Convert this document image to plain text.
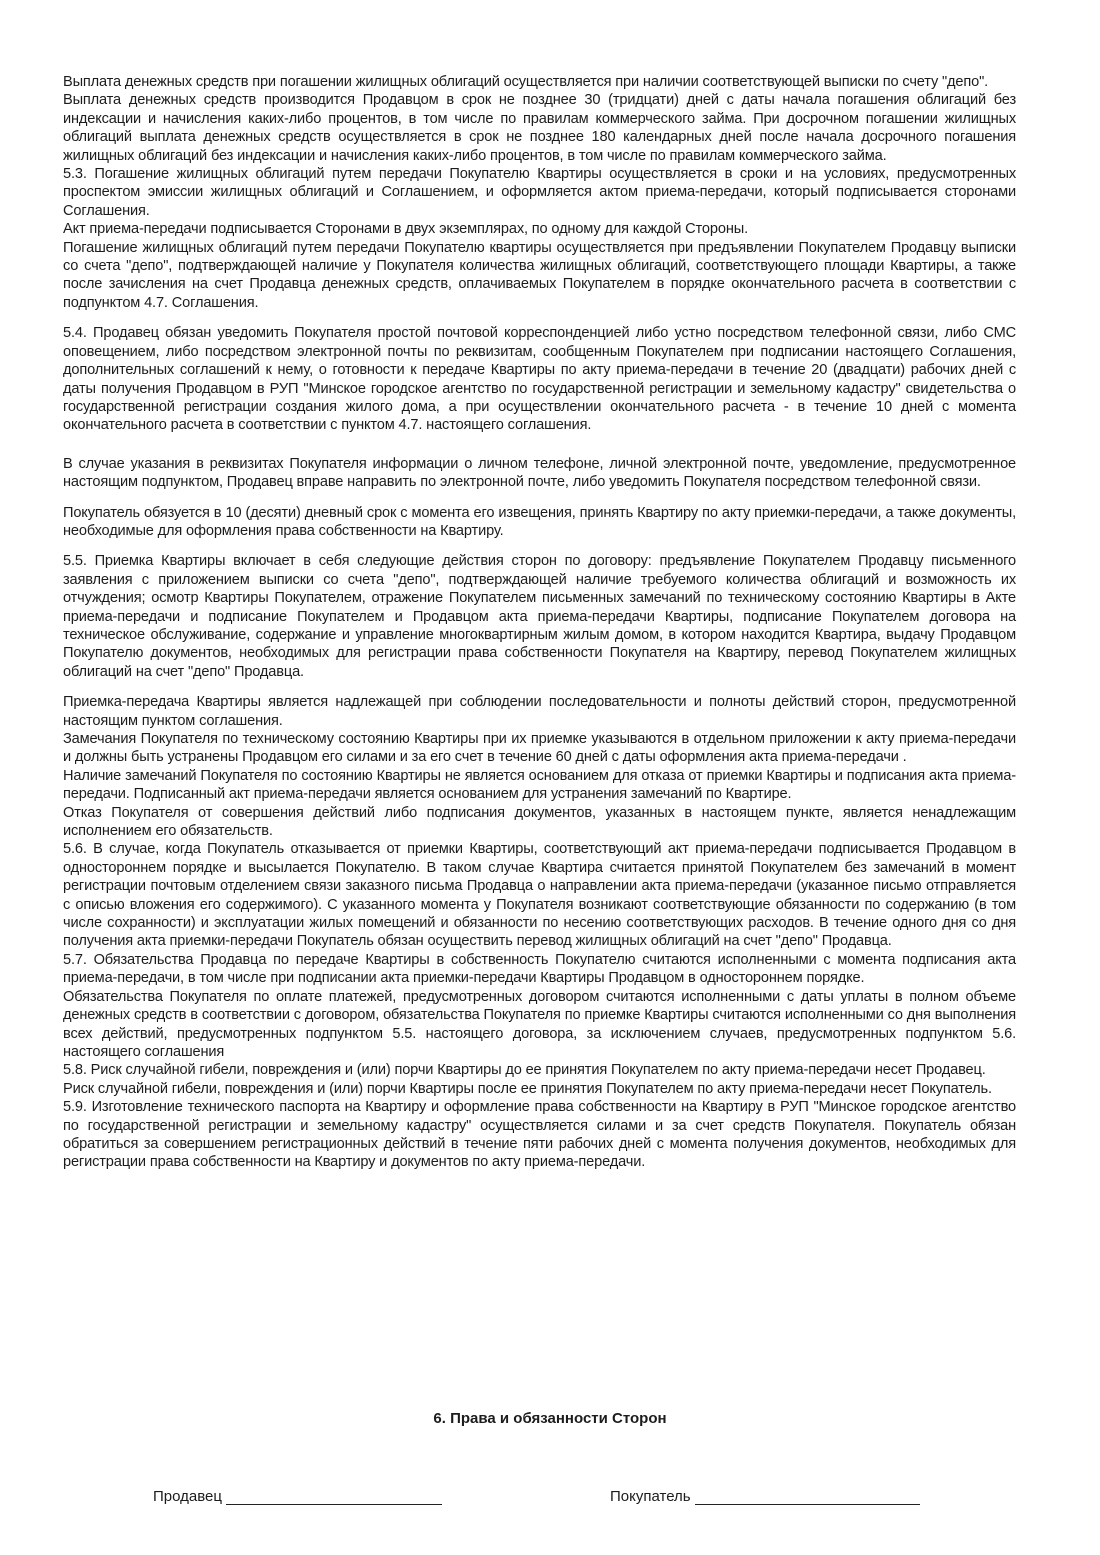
Выплата денежных средств при погашении жилищных облигаций осуществляется при наличии соответствующей выписки по счету "депо".

Выплата денежных средств производится Продавцом в срок не позднее 30 (тридцати) дней с даты начала погашения облигаций без индексации и начисления каких-либо процентов, в том числе по правилам коммерческого займа. При досрочном погашении жилищных облигаций выплата денежных средств осуществляется в срок не позднее 180 календарных дней после начала досрочного погашения жилищных облигаций без индексации и начисления каких-либо процентов, в том числе по правилам коммерческого займа.

5.3. Погашение жилищных облигаций путем передачи Покупателю Квартиры осуществляется в сроки и на условиях, предусмотренных проспектом эмиссии жилищных облигаций и Соглашением, и оформляется актом приема-передачи, который подписывается сторонами Соглашения.

Акт приема-передачи подписывается Сторонами в двух экземплярах, по одному для каждой Стороны.

Погашение жилищных облигаций путем передачи Покупателю квартиры осуществляется при предъявлении Покупателем Продавцу выписки со счета "депо", подтверждающей наличие у Покупателя количества жилищных облигаций, соответствующего площади Квартиры, а также после зачисления на счет Продавца денежных средств, оплачиваемых Покупателем в порядке окончательного расчета в соответствии с подпунктом 4.7. Соглашения.

5.4. Продавец обязан уведомить Покупателя простой почтовой корреспонденцией либо устно посредством телефонной связи, либо СМС оповещением, либо посредством электронной почты по реквизитам, сообщенным Покупателем при подписании настоящего Соглашения, дополнительных соглашений к нему, о готовности к передаче Квартиры по акту приема-передачи в течение 20 (двадцати) рабочих дней с даты получения Продавцом в РУП "Минское городское агентство по государственной регистрации и земельному кадастру" свидетельства о государственной регистрации создания жилого дома, а при осуществлении окончательного расчета - в течение 10 дней с момента окончательного расчета в соответствии с пунктом 4.7. настоящего соглашения.

В случае указания в реквизитах Покупателя информации о личном телефоне, личной электронной почте, уведомление, предусмотренное настоящим подпунктом, Продавец вправе направить по электронной почте, либо уведомить Покупателя посредством телефонной связи.

Покупатель обязуется в 10 (десяти) дневный срок с момента его извещения, принять Квартиру по акту приемки-передачи, а также документы, необходимые для оформления права собственности на Квартиру.

5.5. Приемка Квартиры включает в себя следующие действия сторон по договору: предъявление Покупателем Продавцу письменного заявления с приложением выписки со счета "депо", подтверждающей наличие требуемого количества облигаций и возможность их отчуждения; осмотр Квартиры Покупателем, отражение Покупателем письменных замечаний по техническому состоянию Квартиры в Акте приема-передачи и подписание Покупателем и Продавцом акта приема-передачи Квартиры, подписание Покупателем договора на техническое обслуживание, содержание и управление многоквартирным жилым домом, в котором находится Квартира, выдачу Продавцом Покупателю документов, необходимых для регистрации права собственности Покупателя на Квартиру, перевод Покупателем жилищных облигаций на счет "депо" Продавца.

Приемка-передача Квартиры является надлежащей при соблюдении последовательности и полноты действий сторон, предусмотренной настоящим пунктом соглашения.

Замечания Покупателя по техническому состоянию Квартиры при их приемке указываются в отдельном приложении к акту приема-передачи и должны быть устранены Продавцом его силами и за его счет в течение 60 дней с даты оформления акта приема-передачи .

Наличие замечаний Покупателя по состоянию Квартиры не является основанием для отказа от приемки Квартиры и подписания акта приема-передачи. Подписанный акт приема-передачи является основанием для устранения замечаний по Квартире.

Отказ Покупателя от совершения действий либо подписания документов, указанных в настоящем пункте, является ненадлежащим исполнением его обязательств.

5.6. В случае, когда Покупатель отказывается от приемки Квартиры, соответствующий акт приема-передачи подписывается Продавцом в одностороннем порядке и высылается Покупателю. В таком случае Квартира считается принятой Покупателем без замечаний в момент регистрации почтовым отделением связи заказного письма Продавца о направлении акта приема-передачи (указанное письмо отправляется с описью вложения его содержимого). С указанного момента у Покупателя возникают соответствующие обязанности по содержанию (в том числе сохранности) и эксплуатации жилых помещений и обязанности по несению соответствующих расходов. В течение одного дня со дня получения акта приемки-передачи Покупатель обязан осуществить перевод жилищных облигаций на счет "депо" Продавца.

5.7. Обязательства Продавца по передаче Квартиры в собственность Покупателю считаются исполненными с момента подписания акта приема-передачи, в том числе при подписании акта приемки-передачи Квартиры Продавцом в одностороннем порядке.

Обязательства Покупателя по оплате платежей, предусмотренных договором считаются исполненными с даты уплаты в полном объеме денежных средств в соответствии с договором, обязательства Покупателя по приемке Квартиры считаются исполненными со дня выполнения всех действий, предусмотренных подпунктом 5.5. настоящего договора, за исключением случаев, предусмотренных подпунктом 5.6. настоящего соглашения

5.8. Риск случайной гибели, повреждения и (или) порчи Квартиры до ее принятия Покупателем по акту приема-передачи несет Продавец.

Риск случайной гибели, повреждения и (или) порчи Квартиры после ее принятия Покупателем по акту приема-передачи несет Покупатель.

5.9. Изготовление технического паспорта на Квартиру и оформление права собственности на Квартиру в РУП "Минское городское агентство по государственной регистрации и земельному кадастру" осуществляется силами и за счет средств Покупателя. Покупатель обязан обратиться за совершением регистрационных действий в течение пяти рабочих дней с момента получения документов, необходимых для регистрации права собственности на Квартиру и документов по акту приема-передачи.

6. Права и обязанности Сторон
Продавец	Покупатель
